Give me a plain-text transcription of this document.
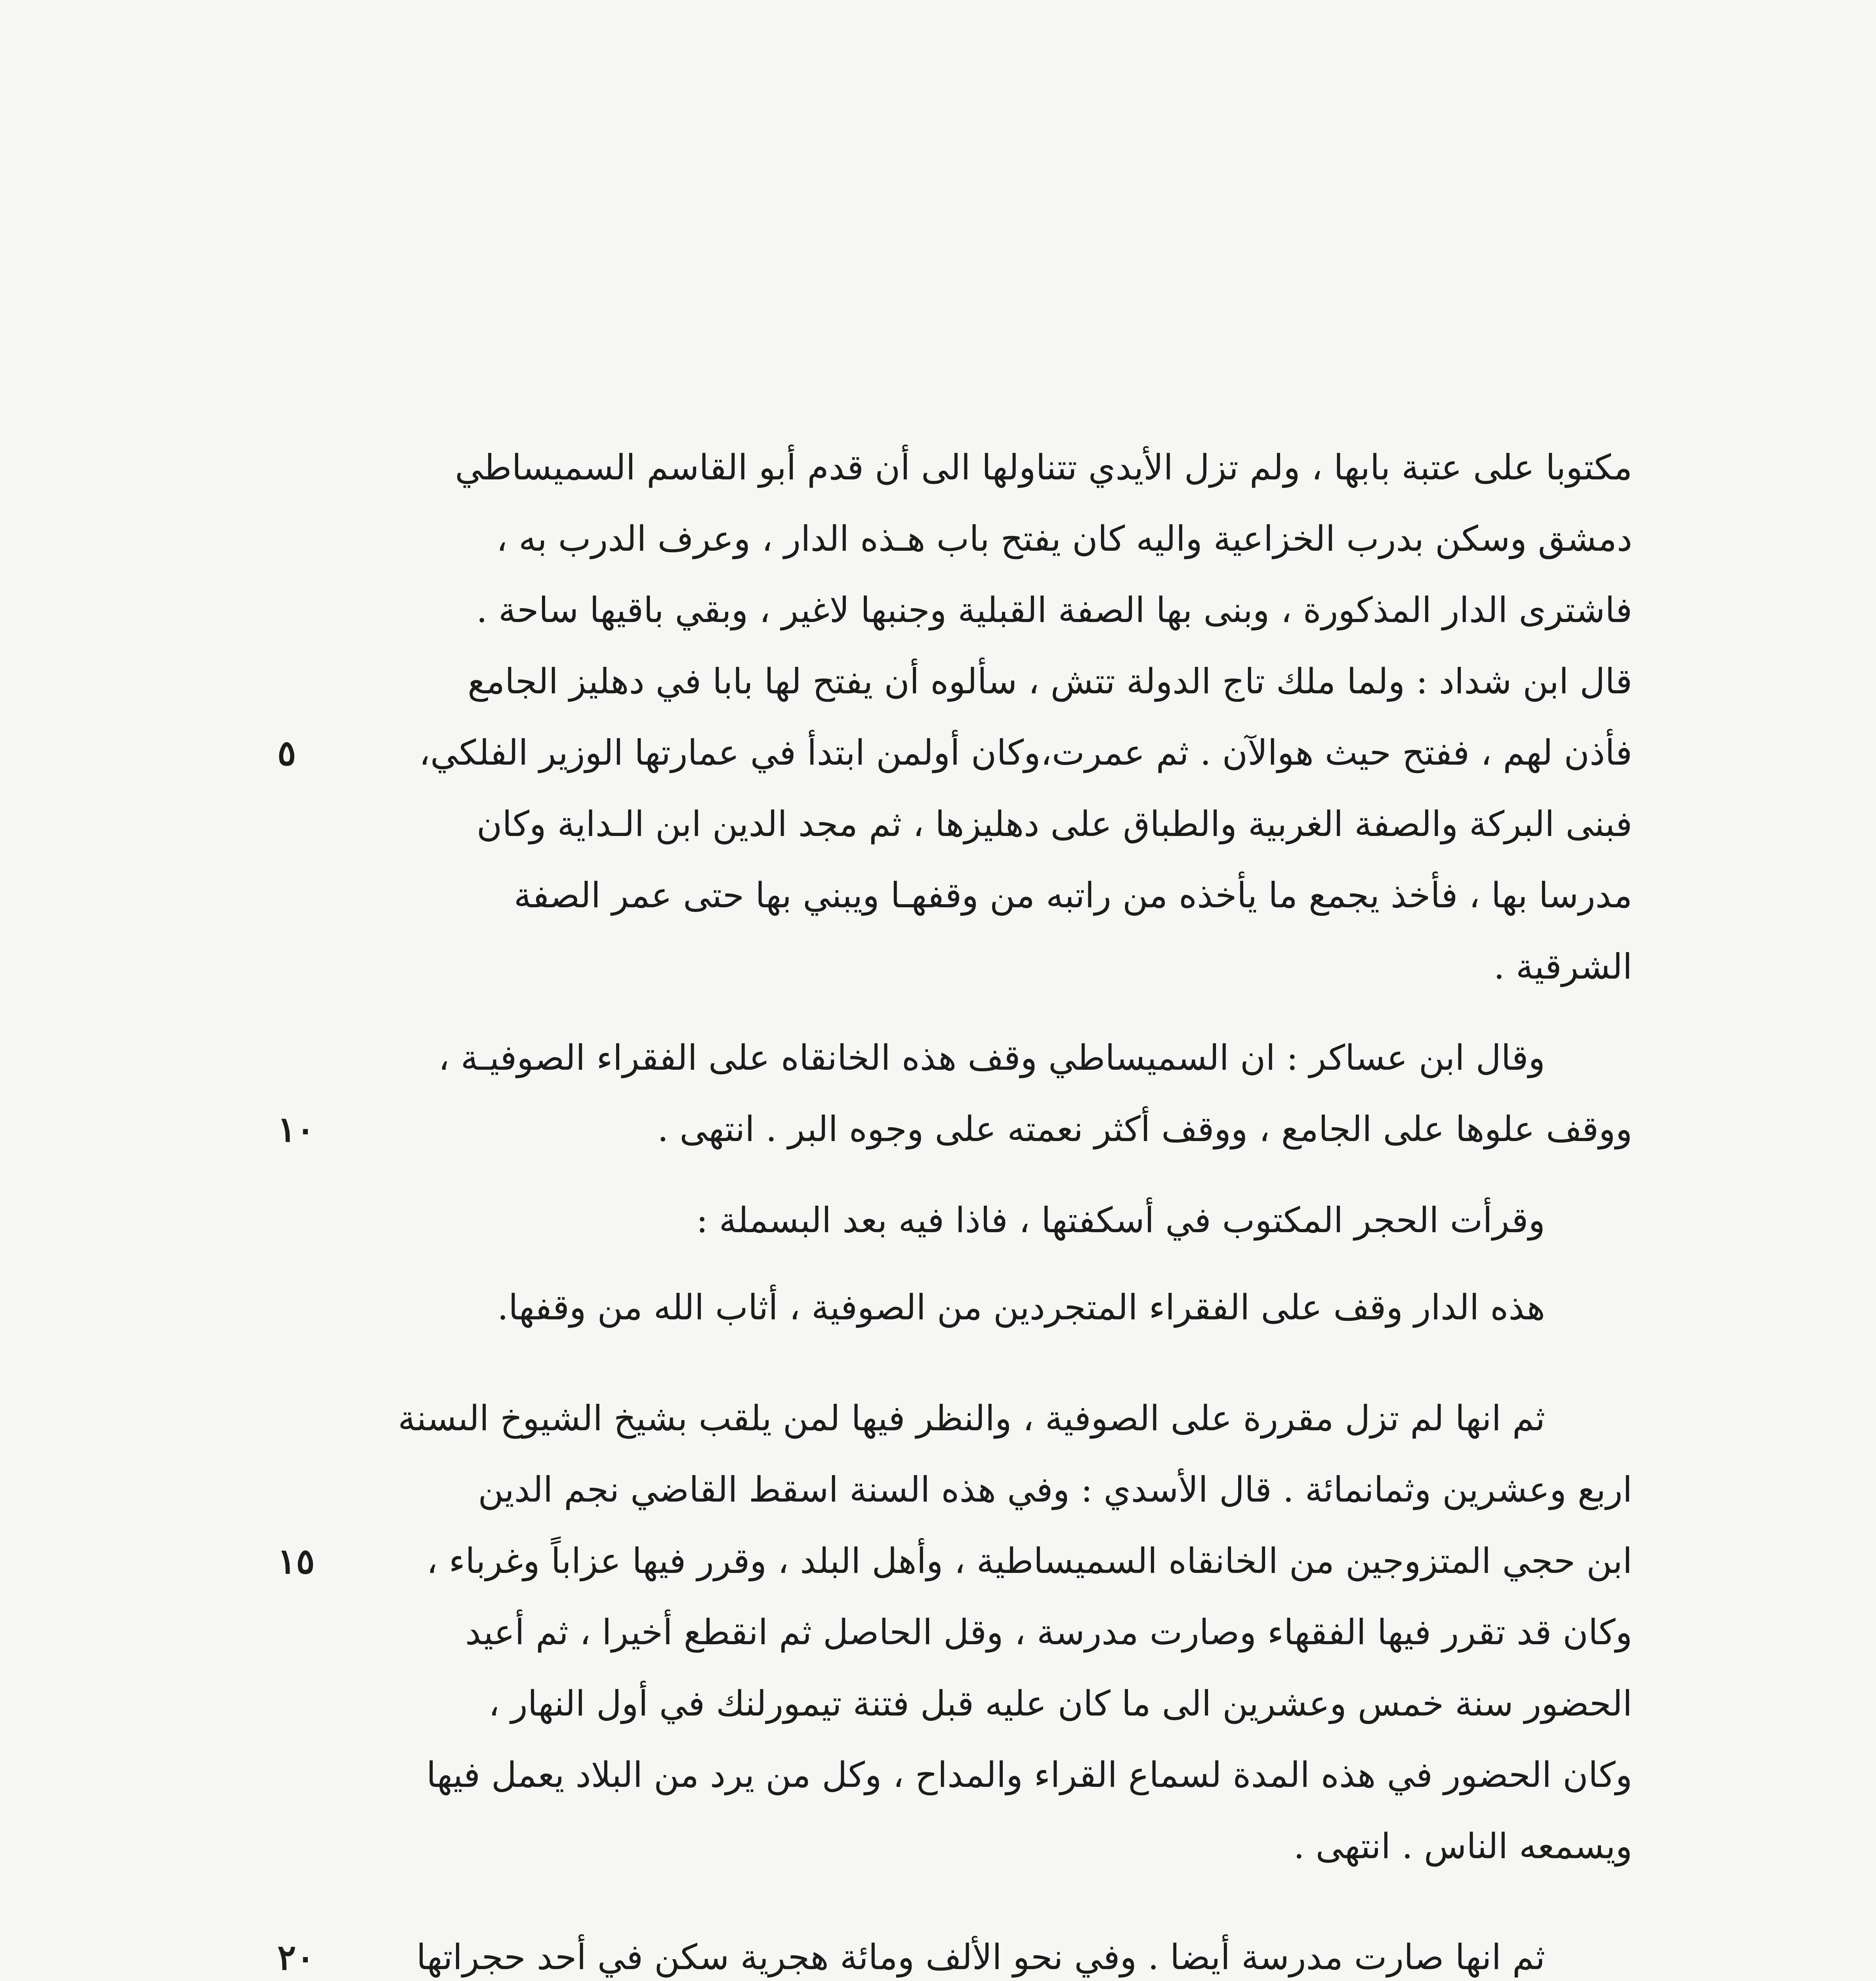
مكتوبا على عتبة بابها ، ولم تزل الأيدي تتناولها الى أن قدم أبو القاسم السميساطي
دمشق وسكن بدرب الخزاعية واليه كان يفتح باب هـذه الدار ، وعرف الدرب به ،
فاشترى الدار المذكورة ، وبنى بها الصفة القبلية وجنبها لاغير ، وبقي باقيها ساحة .
قال ابن شداد : ولما ملك تاج الدولة تتش ، سألوه أن يفتح لها بابا في دهليز الجامع
فأذن لهم ، ففتح حيث هوالآن . ثم عمرت،وكان أولمن ابتدأ في عمارتها الوزير الفلكي،
فبنى البركة والصفة الغربية والطباق على دهليزها ، ثم مجد الدين ابن الـداية وكان
مدرسا بها ، فأخذ يجمع ما يأخذه من راتبه من وقفهـا ويبني بها حتى عمر الصفة
الشرقية .
وقال ابن عساكر : ان السميساطي وقف هذه الخانقاه على الفقراء الصوفيـة ،
ووقف علوها على الجامع ، ووقف أكثر نعمته على وجوه البر . انتهى .
وقرأت الحجر المكتوب في أسكفتها ، فاذا فيه بعد البسملة :
هذه الدار وقف على الفقراء المتجردين من الصوفية ، أثاب الله من وقفها.
ثم انها لم تزل مقررة على الصوفية ، والنظر فيها لمن يلقب بشيخ الشيوخ الىسنة
اربع وعشرين وثمانمائة . قال الأسدي : وفي هذه السنة اسقط القاضي نجم الدين
ابن حجي المتزوجين من الخانقاه السميساطية ، وأهل البلد ، وقرر فيها عزاباً وغرباء ،
وكان قد تقرر فيها الفقهاء وصارت مدرسة ، وقل الحاصل ثم انقطع أخيرا ، ثم أعيد
الحضور سنة خمس وعشرين الى ما كان عليه قبل فتنة تيمورلنك في أول النهار ،
وكان الحضور في هذه المدة لسماع القراء والمداح ، وكل من يرد من البلاد يعمل فيها
ويسمعه الناس . انتهى .
ثم انها صارت مدرسة أيضا . وفي نحو الألف ومائة هجرية سكن في أحد حجراتها
٥
١٠
١٥
٢٠
